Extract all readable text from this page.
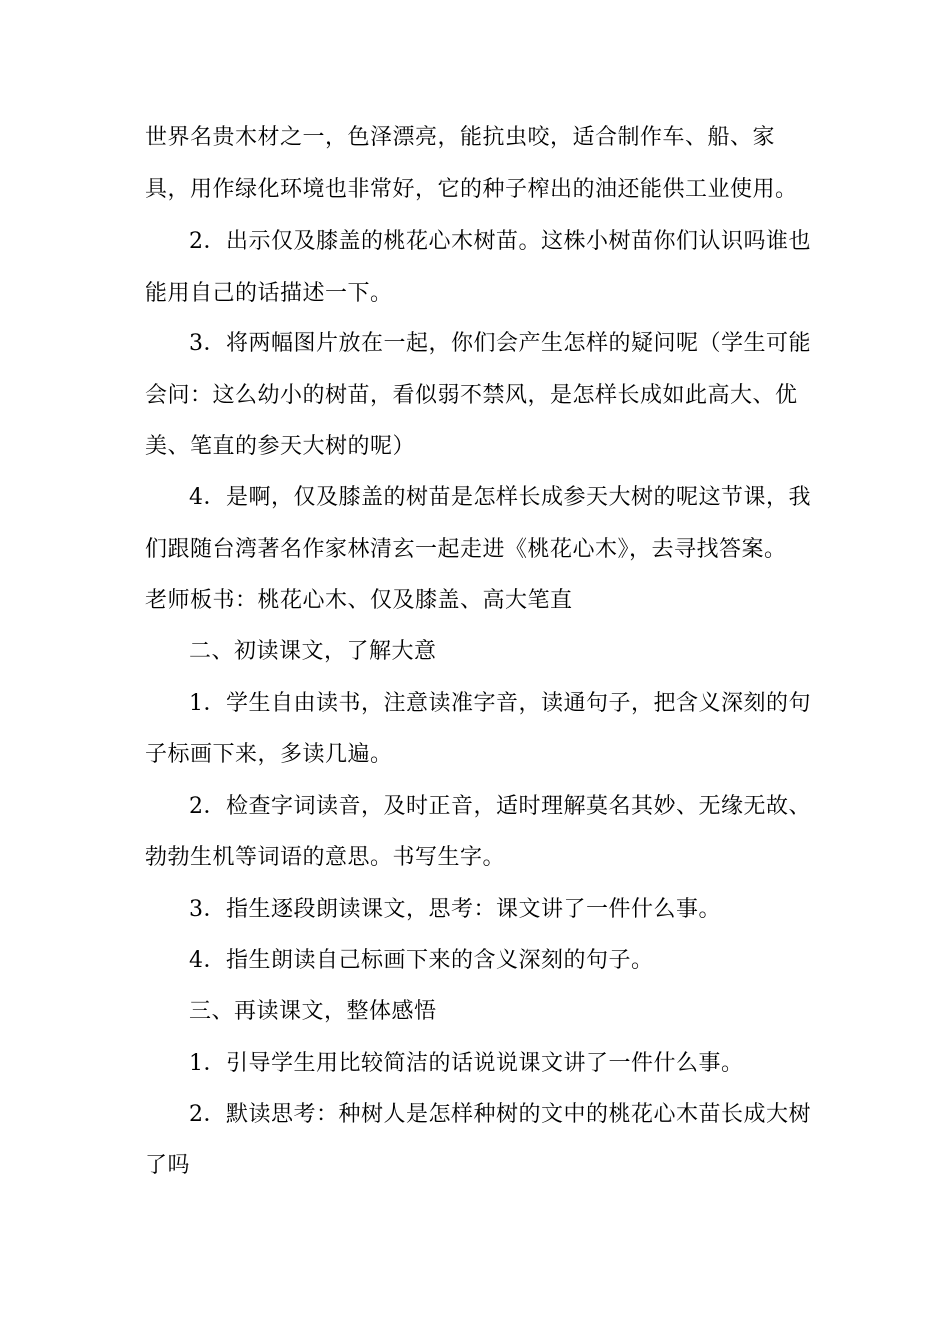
世界名贵木材之一，色泽漂亮，能抗虫咬，适合制作车、船、家
具，用作绿化环境也非常好，它的种子榨出的油还能供工业使用。
2．出示仅及膝盖的桃花心木树苗。这株小树苗你们认识吗谁也
能用自己的话描述一下。
3．将两幅图片放在一起，你们会产生怎样的疑问呢（学生可能
会问：这么幼小的树苗，看似弱不禁风，是怎样长成如此高大、优
美、笔直的参天大树的呢）
4．是啊，仅及膝盖的树苗是怎样长成参天大树的呢这节课，我
们跟随台湾著名作家林清玄一起走进《桃花心木》，去寻找答案。
老师板书：桃花心木、仅及膝盖、高大笔直
二、初读课文，了解大意
1．学生自由读书，注意读准字音，读通句子，把含义深刻的句
子标画下来，多读几遍。
2．检查字词读音，及时正音，适时理解莫名其妙、无缘无故、
勃勃生机等词语的意思。书写生字。
3．指生逐段朗读课文，思考：课文讲了一件什么事。
4．指生朗读自己标画下来的含义深刻的句子。
三、再读课文，整体感悟
1．引导学生用比较简洁的话说说课文讲了一件什么事。
2．默读思考：种树人是怎样种树的文中的桃花心木苗长成大树
了吗
